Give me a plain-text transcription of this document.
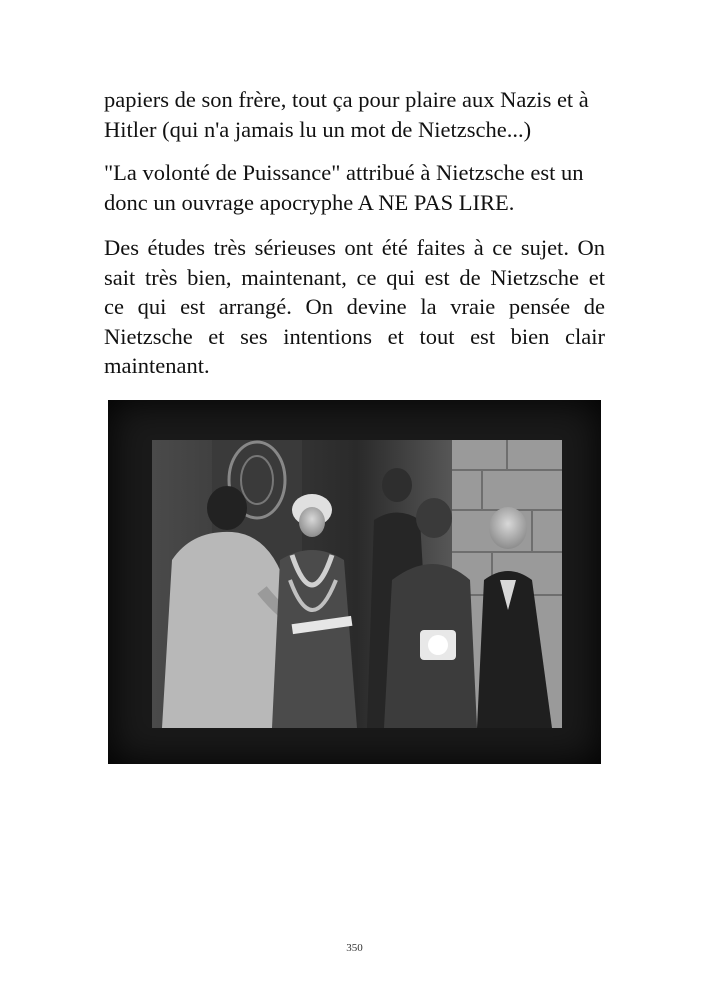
papiers de son frère, tout ça pour plaire aux Nazis et à
Hitler (qui n'a jamais lu un mot de Nietzsche...)

"La volonté de Puissance" attribué à Nietzsche est un
donc un ouvrage apocryphe A NE PAS LIRE.

Des études très sérieuses ont été faites à ce sujet. On
sait très bien, maintenant, ce qui est de Nietzsche et
ce qui est arrangé. On devine la vraie pensée de
Nietzsche et ses intentions et tout est bien clair
maintenant.

350
